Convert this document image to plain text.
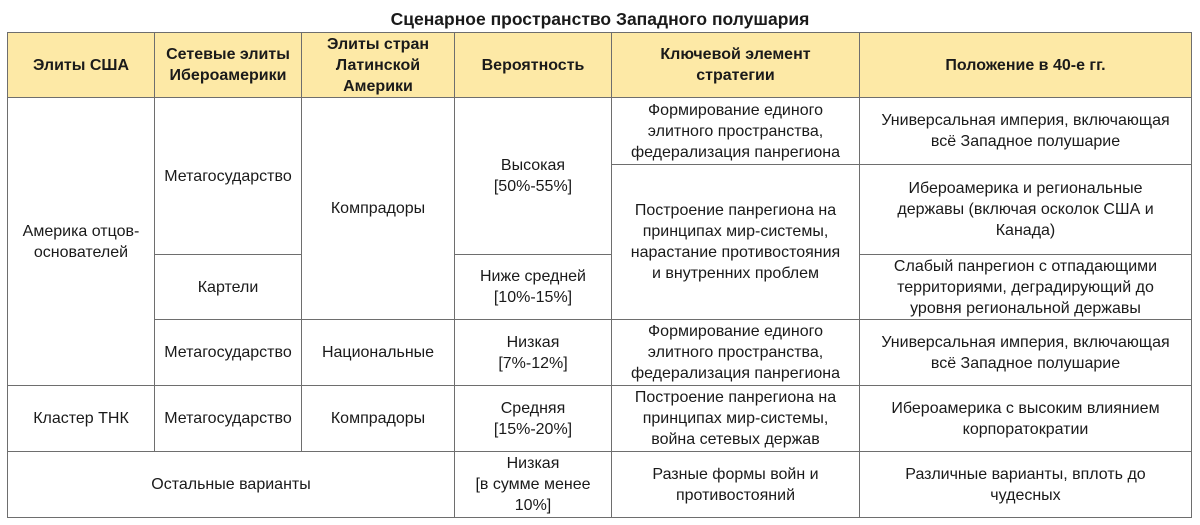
Сценарное пространство Западного полушария
Элиты США
Сетевые элиты
Ибероамерики
Элиты стран
Латинской
Америки
Вероятность
Ключевой элемент
стратегии
Положение в 40-е гг.
Америка отцов-
основателей
Кластер ТНК
Остальные варианты
Метагосударство
Картели
Метагосударство
Метагосударство
Компрадоры
Национальные
Компрадоры
Высокая
[50%-55%]
Ниже средней
[10%-15%]
Низкая
[7%-12%]
Средняя
[15%-20%]
Низкая
[в сумме менее
10%]
Формирование единого
элитного пространства,
федерализация панрегиона
Построение панрегиона на
принципах мир-системы,
нарастание противостояния
и внутренних проблем
Формирование единого
элитного пространства,
федерализация панрегиона
Построение панрегиона на
принципах мир-системы,
война сетевых держав
Разные формы войн и
противостояний
Универсальная империя, включающая
всё Западное полушарие
Ибероамерика и региональные
державы (включая осколок США и
Канада)
Слабый панрегион с отпадающими
территориями, деградирующий до
уровня региональной державы
Универсальная империя, включающая
всё Западное полушарие
Ибероамерика с высоким влиянием
корпоратократии
Различные варианты, вплоть до
чудесных
